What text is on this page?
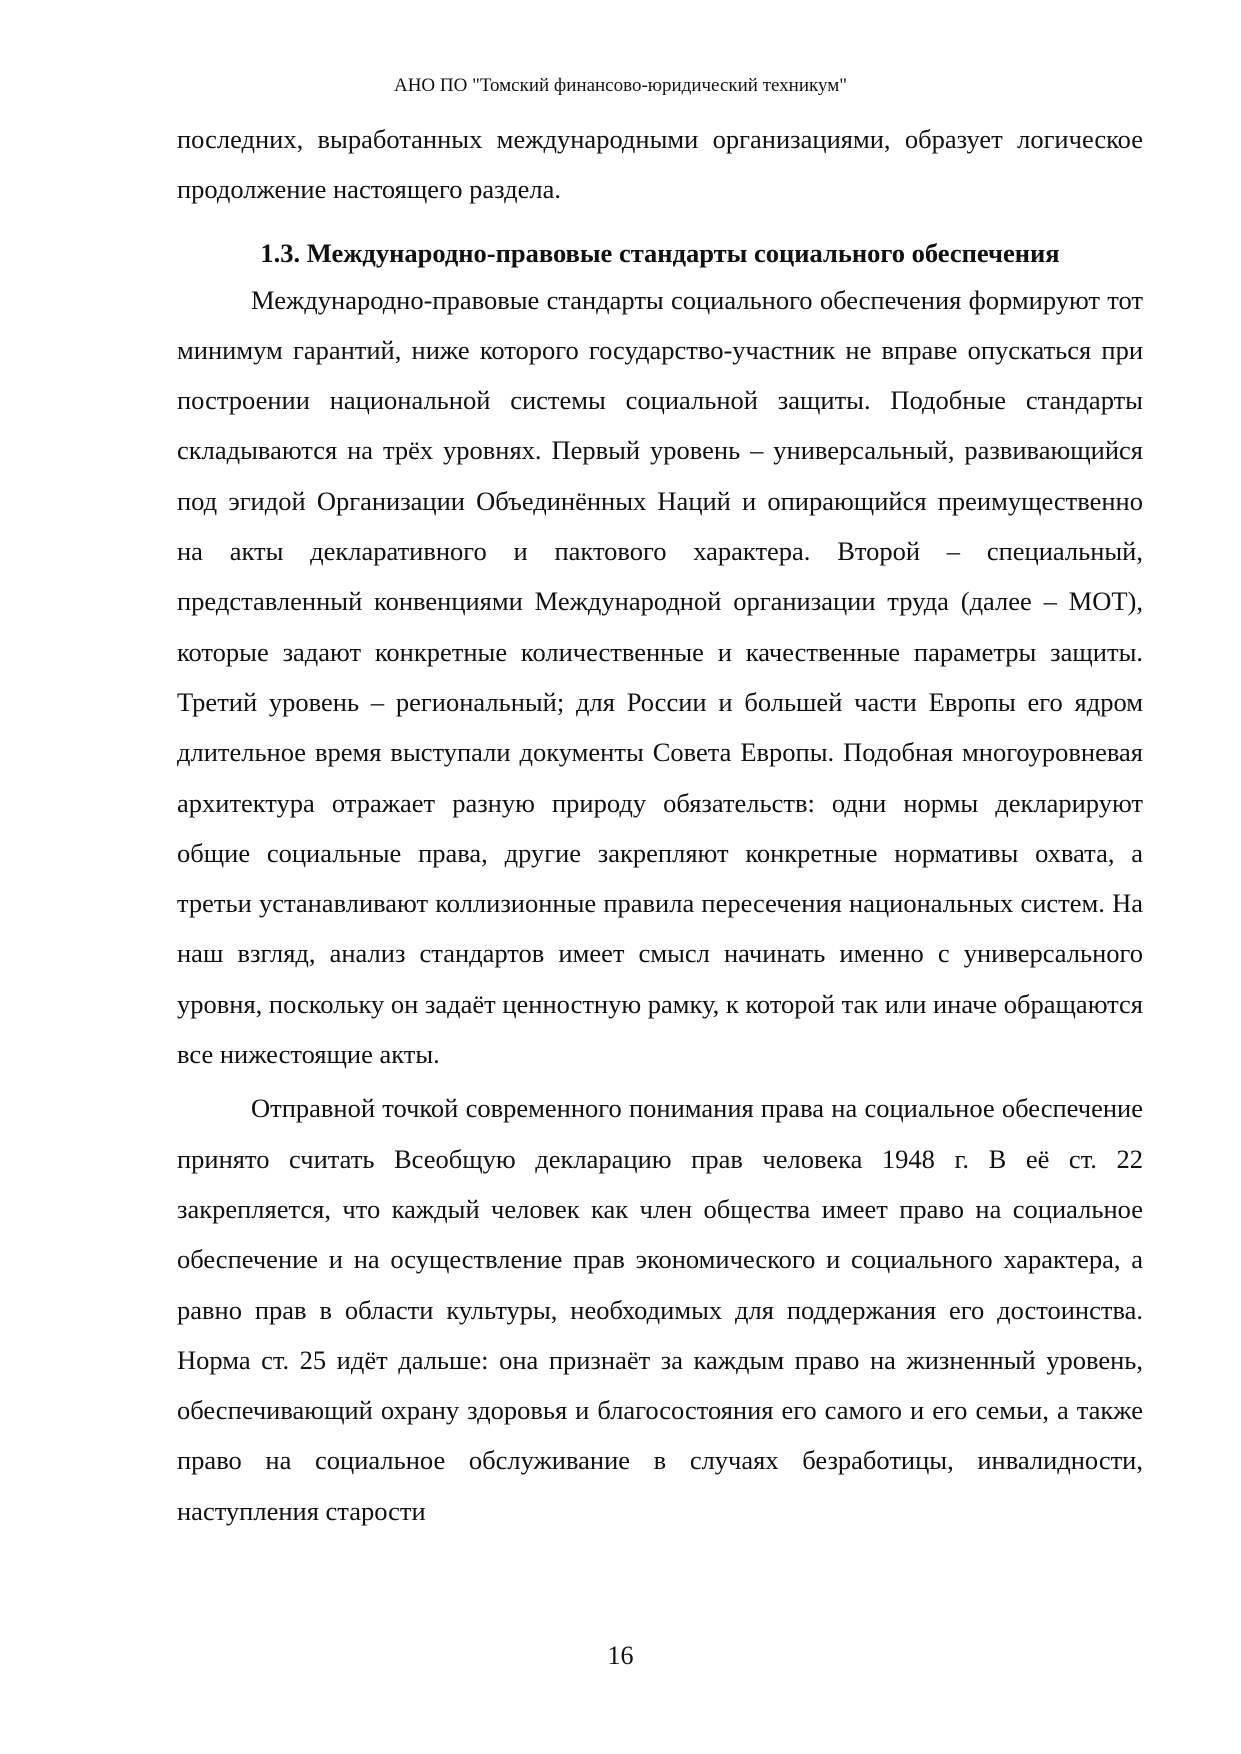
АНО ПО "Томский финансово-юридический техникум"

последних, выработанных международными организациями, образует логическое продолжение настоящего раздела.

1.3. Международно-правовые стандарты социального обеспечения

Международно-правовые стандарты социального обеспечения формируют тот минимум гарантий, ниже которого государство-участник не вправе опускаться при построении национальной системы социальной защиты. Подобные стандарты складываются на трёх уровнях. Первый уровень – универсальный, развивающийся под эгидой Организации Объединённых Наций и опирающийся преимущественно на акты декларативного и пактового характера. Второй – специальный, представленный конвенциями Международной организации труда (далее – МОТ), которые задают конкретные количественные и качественные параметры защиты. Третий уровень – региональный; для России и большей части Европы его ядром длительное время выступали документы Совета Европы. Подобная многоуровневая архитектура отражает разную природу обязательств: одни нормы декларируют общие социальные права, другие закрепляют конкретные нормативы охвата, а третьи устанавливают коллизионные правила пересечения национальных систем. На наш взгляд, анализ стандартов имеет смысл начинать именно с универсального уровня, поскольку он задаёт ценностную рамку, к которой так или иначе обращаются все нижестоящие акты.

Отправной точкой современного понимания права на социальное обеспечение принято считать Всеобщую декларацию прав человека 1948 г. В её ст. 22 закрепляется, что каждый человек как член общества имеет право на социальное обеспечение и на осуществление прав экономического и социального характера, а равно прав в области культуры, необходимых для поддержания его достоинства. Норма ст. 25 идёт дальше: она признаёт за каждым право на жизненный уровень, обеспечивающий охрану здоровья и благосостояния его самого и его семьи, а также право на социальное обслуживание в случаях безработицы, инвалидности, наступления старости

16
